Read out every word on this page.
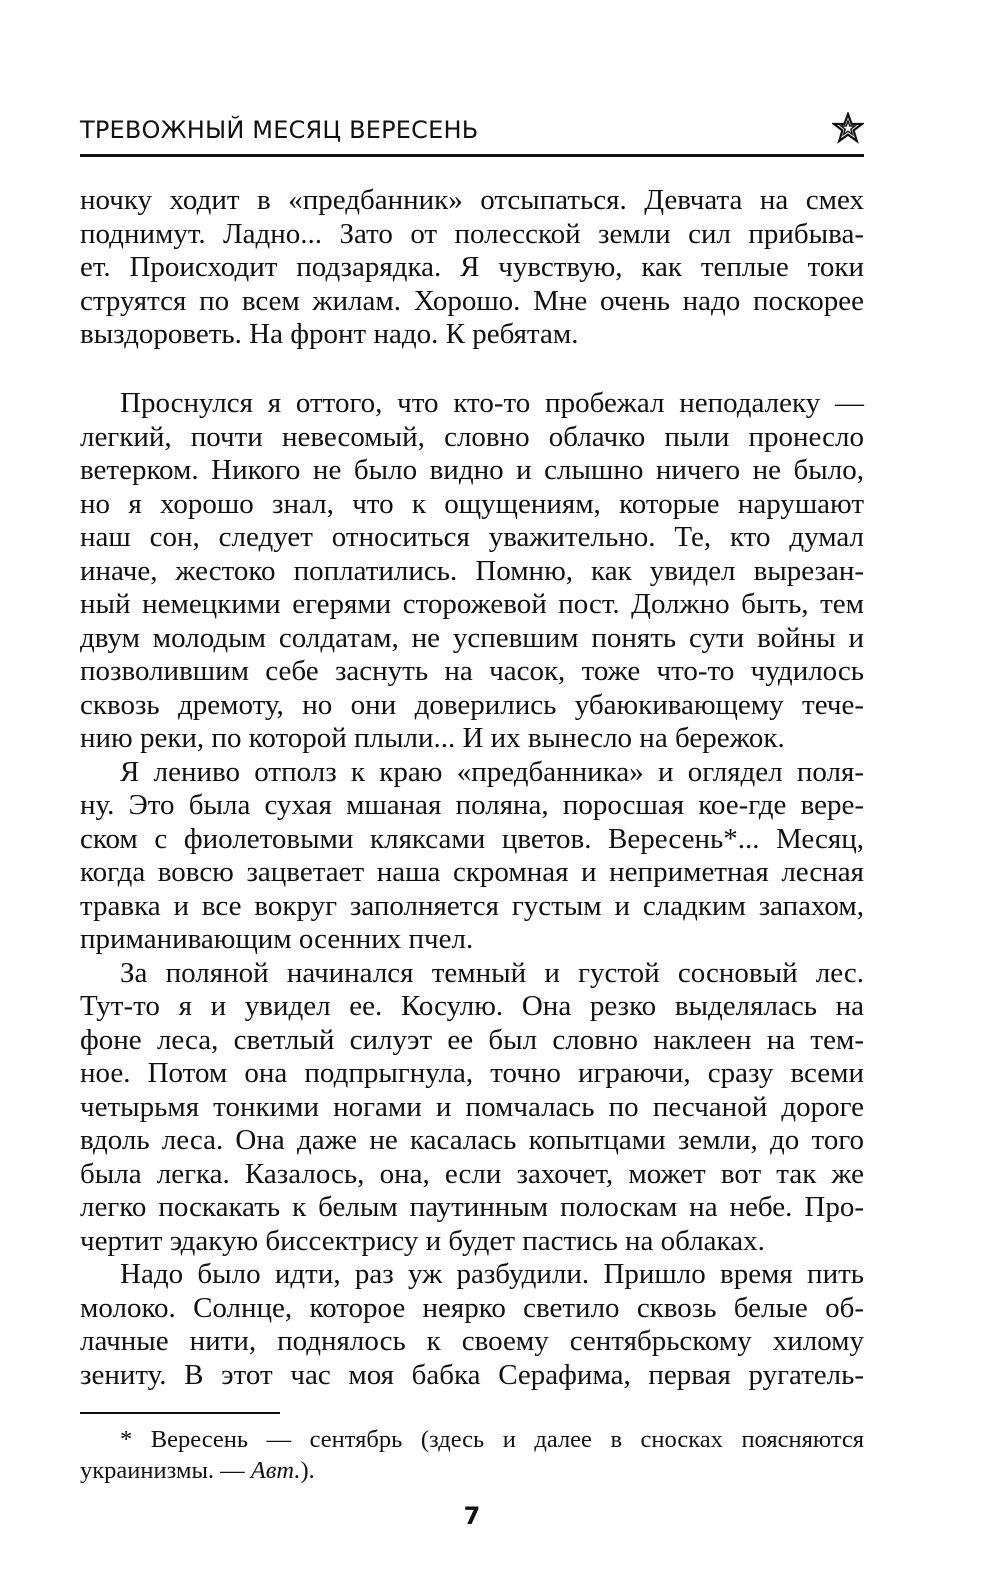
ТРЕВОЖНЫЙ МЕСЯЦ ВЕРЕСЕНЬ
ночку ходит в «предбанник» отсыпаться. Девчата на смех
поднимут. Ладно... Зато от полесской земли сил прибыва-
ет. Происходит подзарядка. Я чувствую, как теплые токи
струятся по всем жилам. Хорошо. Мне очень надо поскорее
выздороветь. На фронт надо. К ребятам.
Проснулся я оттого, что кто-то пробежал неподалеку —
легкий, почти невесомый, словно облачко пыли пронесло
ветерком. Никого не было видно и слышно ничего не было,
но я хорошо знал, что к ощущениям, которые нарушают
наш сон, следует относиться уважительно. Те, кто думал
иначе, жестоко поплатились. Помню, как увидел вырезан-
ный немецкими егерями сторожевой пост. Должно быть, тем
двум молодым солдатам, не успевшим понять сути войны и
позволившим себе заснуть на часок, тоже что-то чудилось
сквозь дремоту, но они доверились убаюкивающему тече-
нию реки, по которой плыли... И их вынесло на бережок.
Я лениво отполз к краю «предбанника» и оглядел поля-
ну. Это была сухая мшаная поляна, поросшая кое-где вере-
ском с фиолетовыми кляксами цветов. Вересень*... Месяц,
когда вовсю зацветает наша скромная и неприметная лесная
травка и все вокруг заполняется густым и сладким запахом,
приманивающим осенних пчел.
За поляной начинался темный и густой сосновый лес.
Тут-то я и увидел ее. Косулю. Она резко выделялась на
фоне леса, светлый силуэт ее был словно наклеен на тем-
ное. Потом она подпрыгнула, точно играючи, сразу всеми
четырьмя тонкими ногами и помчалась по песчаной дороге
вдоль леса. Она даже не касалась копытцами земли, до того
была легка. Казалось, она, если захочет, может вот так же
легко поскакать к белым паутинным полоскам на небе. Про-
чертит эдакую биссектрису и будет пастись на облаках.
Надо было идти, раз уж разбудили. Пришло время пить
молоко. Солнце, которое неярко светило сквозь белые об-
лачные нити, поднялось к своему сентябрьскому хилому
зениту. В этот час моя бабка Серафима, первая ругатель-
* Вересень — сентябрь (здесь и далее в сносках поясняются
украинизмы. — Авт.).
7
